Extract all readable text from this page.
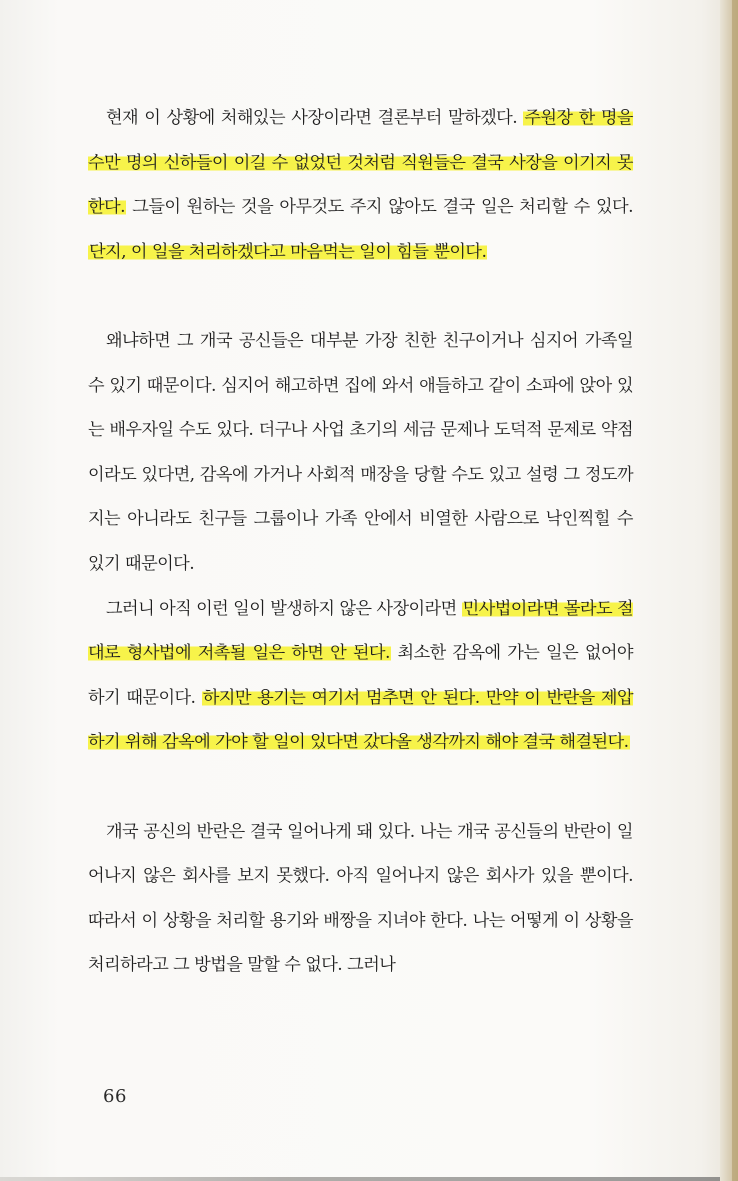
현재 이 상황에 처해있는 사장이라면 결론부터 말하겠다. 주원장 한 명을 수만 명의 신하들이 이길 수 없었던 것처럼 직원들은 결국 사장을 이기지 못한다. 그들이 원하는 것을 아무것도 주지 않아도 결국 일은 처리할 수 있다. 단지, 이 일을 처리하겠다고 마음먹는 일이 힘들 뿐이다.

왜냐하면 그 개국 공신들은 대부분 가장 친한 친구이거나 심지어 가족일 수 있기 때문이다. 심지어 해고하면 집에 와서 애들하고 같이 소파에 앉아 있는 배우자일 수도 있다. 더구나 사업 초기의 세금 문제나 도덕적 문제로 약점이라도 있다면, 감옥에 가거나 사회적 매장을 당할 수도 있고 설령 그 정도까지는 아니라도 친구들 그룹이나 가족 안에서 비열한 사람으로 낙인찍힐 수 있기 때문이다.

그러니 아직 이런 일이 발생하지 않은 사장이라면 민사법이라면 몰라도 절대로 형사법에 저촉될 일은 하면 안 된다. 최소한 감옥에 가는 일은 없어야 하기 때문이다. 하지만 용기는 여기서 멈추면 안 된다. 만약 이 반란을 제압하기 위해 감옥에 가야 할 일이 있다면 갔다올 생각까지 해야 결국 해결된다.

개국 공신의 반란은 결국 일어나게 돼 있다. 나는 개국 공신들의 반란이 일어나지 않은 회사를 보지 못했다. 아직 일어나지 않은 회사가 있을 뿐이다. 따라서 이 상황을 처리할 용기와 배짱을 지녀야 한다. 나는 어떻게 이 상황을 처리하라고 그 방법을 말할 수 없다. 그러나

66
